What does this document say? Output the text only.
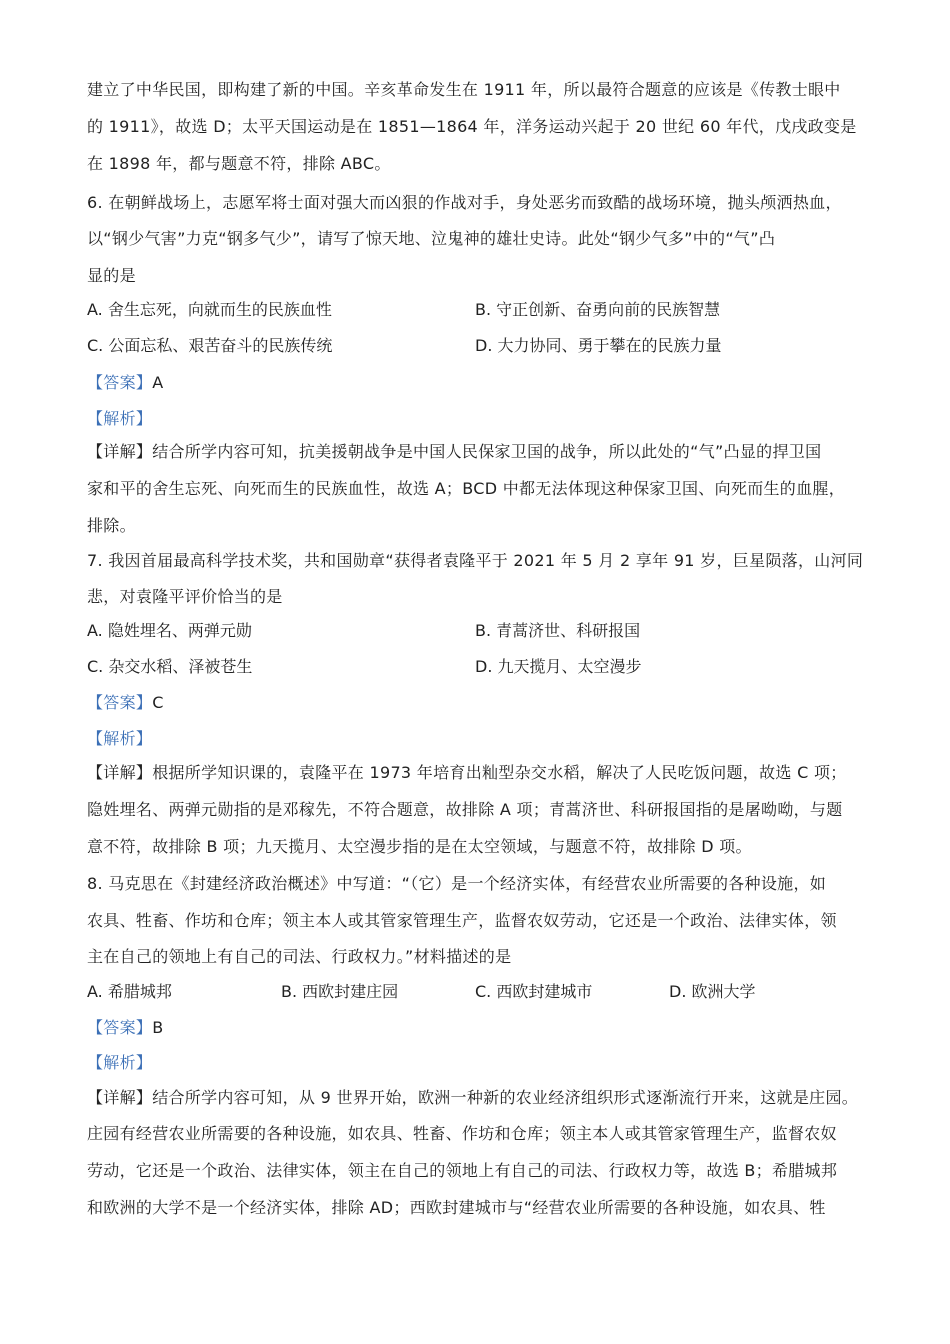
建立了中华民国，即构建了新的中国。辛亥革命发生在 1911 年，所以最符合题意的应该是《传教士眼中
的 1911》，故选 D；太平天国运动是在 1851—1864 年，洋务运动兴起于 20 世纪 60 年代，戊戌政变是
在 1898 年，都与题意不符，排除 ABC。
6. 在朝鲜战场上，志愿军将士面对强大而凶狠的作战对手，身处恶劣而致酷的战场环境，抛头颅洒热血，
以“钢少气害”力克“钢多气少”，请写了惊天地、泣鬼神的雄壮史诗。此处“钢少气多”中的“气”凸
显的是
A. 舍生忘死，向就而生的民族血性	B. 守正创新、奋勇向前的民族智慧
C. 公面忘私、艰苦奋斗的民族传统	D. 大力协同、勇于攀在的民族力量
【答案】A
【解析】
【详解】结合所学内容可知，抗美援朝战争是中国人民保家卫国的战争，所以此处的“气”凸显的捍卫国
家和平的舍生忘死、向死而生的民族血性，故选 A；BCD 中都无法体现这种保家卫国、向死而生的血腥，
排除。
7. 我因首届最高科学技术奖，共和国勋章“获得者袁隆平于 2021 年 5 月 2 享年 91 岁，巨星陨落，山河同
悲，对袁隆平评价恰当的是
A. 隐姓埋名、两弹元勋	B. 青蒿济世、科研报国
C. 杂交水稻、泽被苍生	D. 九天揽月、太空漫步
【答案】C
【解析】
【详解】根据所学知识课的，袁隆平在 1973 年培育出籼型杂交水稻，解决了人民吃饭问题，故选 C 项；
隐姓埋名、两弹元勋指的是邓稼先，不符合题意，故排除 A 项；青蒿济世、科研报国指的是屠呦呦，与题
意不符，故排除 B 项；九天揽月、太空漫步指的是在太空领域，与题意不符，故排除 D 项。
8. 马克思在《封建经济政治概述》中写道：“（它）是一个经济实体，有经营农业所需要的各种设施，如
农具、牲畜、作坊和仓库；领主本人或其管家管理生产，监督农奴劳动，它还是一个政治、法律实体，领
主在自己的领地上有自己的司法、行政权力。”材料描述的是
A. 希腊城邦	B. 西欧封建庄园	C. 西欧封建城市	D. 欧洲大学
【答案】B
【解析】
【详解】结合所学内容可知，从 9 世界开始，欧洲一种新的农业经济组织形式逐渐流行开来，这就是庄园。
庄园有经营农业所需要的各种设施，如农具、牲畜、作坊和仓库；领主本人或其管家管理生产，监督农奴
劳动，它还是一个政治、法律实体，领主在自己的领地上有自己的司法、行政权力等，故选 B；希腊城邦
和欧洲的大学不是一个经济实体，排除 AD；西欧封建城市与“经营农业所需要的各种设施，如农具、牲
